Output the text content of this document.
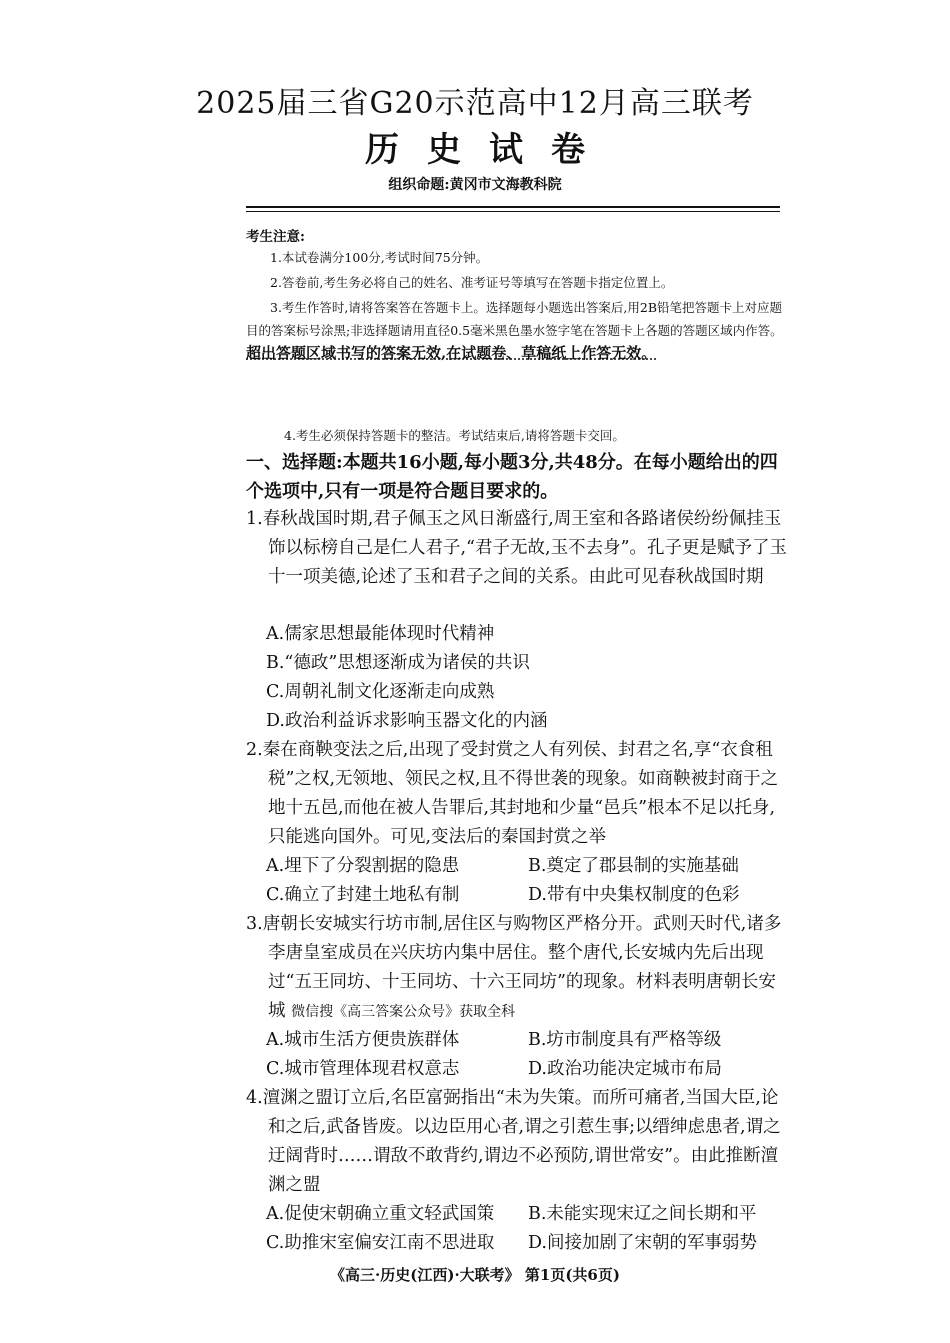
2025届三省G20示范高中12月高三联考
历史试卷
组织命题:黄冈市文海教科院
考生注意:
1.本试卷满分100分,考试时间75分钟。
2.答卷前,考生务必将自己的姓名、准考证号等填写在答题卡指定位置上。
3.考生作答时,请将答案答在答题卡上。选择题每小题选出答案后,用2B铅笔把答题卡上对应题目的答案标号涂黑;非选择题请用直径0.5毫米黑色墨水签字笔在答题卡上各题的答题区域内作答。超出答题区域书写的答案无效,在试题卷、草稿纸上作答无效。
4.考生必须保持答题卡的整洁。考试结束后,请将答题卡交回。
一、选择题:本题共16小题,每小题3分,共48分。在每小题给出的四个选项中,只有一项是符合题目要求的。
1.春秋战国时期,君子佩玉之风日渐盛行,周王室和各路诸侯纷纷佩挂玉饰以标榜自己是仁人君子,“君子无故,玉不去身”。孔子更是赋予了玉十一项美德,论述了玉和君子之间的关系。由此可见春秋战国时期
A.儒家思想最能体现时代精神
B.“德政”思想逐渐成为诸侯的共识
C.周朝礼制文化逐渐走向成熟
D.政治利益诉求影响玉器文化的内涵
2.秦在商鞅变法之后,出现了受封赏之人有列侯、封君之名,享“衣食租税”之权,无领地、领民之权,且不得世袭的现象。如商鞅被封商于之地十五邑,而他在被人告罪后,其封地和少量“邑兵”根本不足以托身,只能逃向国外。可见,变法后的秦国封赏之举
A.埋下了分裂割据的隐患	B.奠定了郡县制的实施基础
C.确立了封建土地私有制	D.带有中央集权制度的色彩
3.唐朝长安城实行坊市制,居住区与购物区严格分开。武则天时代,诸多李唐皇室成员在兴庆坊内集中居住。整个唐代,长安城内先后出现过“五王同坊、十王同坊、十六王同坊”的现象。材料表明唐朝长安城 微信搜《高三答案公众号》获取全科
A.城市生活方便贵族群体	B.坊市制度具有严格等级
C.城市管理体现君权意志	D.政治功能决定城市布局
4.澶渊之盟订立后,名臣富弼指出“未为失策。而所可痛者,当国大臣,论和之后,武备皆废。以边臣用心者,谓之引惹生事;以缙绅虑患者,谓之迂阔背时……谓敌不敢背约,谓边不必预防,谓世常安”。由此推断澶渊之盟
A.促使宋朝确立重文轻武国策 B.未能实现宋辽之间长期和平
C.助推宋室偏安江南不思进取 D.间接加剧了宋朝的军事弱势
《高三·历史(江西)·大联考》 第1页(共6页)
